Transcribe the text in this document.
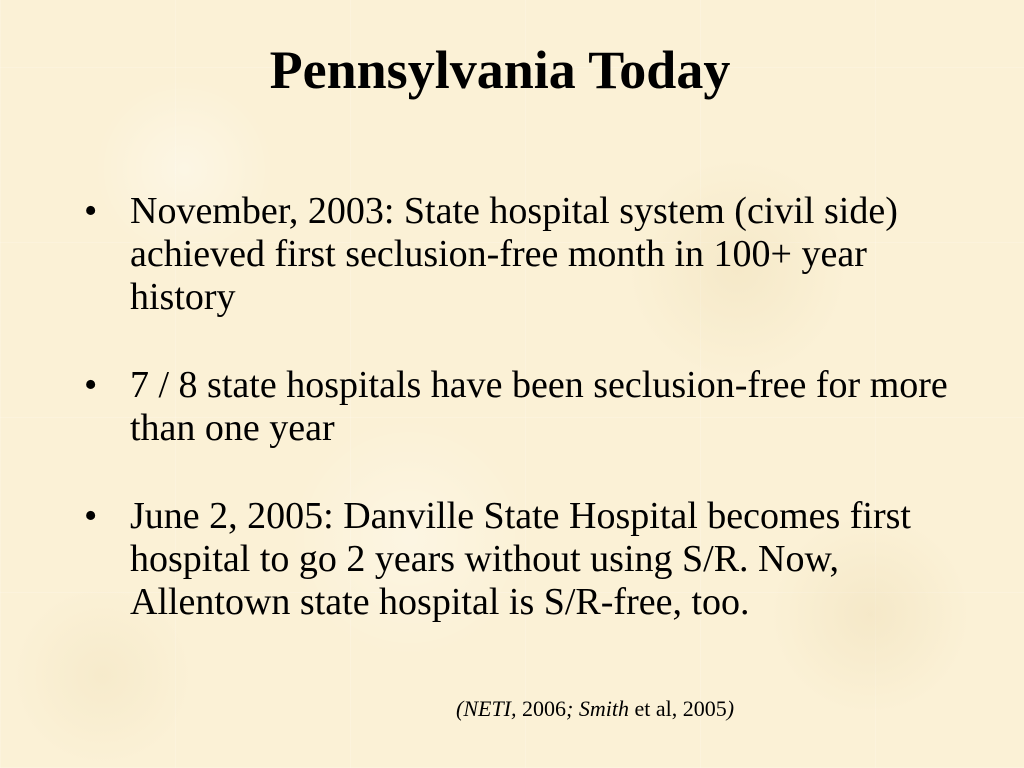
Pennsylvania Today
• November, 2003: State hospital system (civil side) achieved first seclusion-free month in 100+ year history
• 7 / 8 state hospitals have been seclusion-free for more than one year
• June 2, 2005: Danville State Hospital becomes first hospital to go 2 years without using S/R. Now, Allentown state hospital is S/R-free, too.
(NETI, 2006; Smith et al, 2005)
